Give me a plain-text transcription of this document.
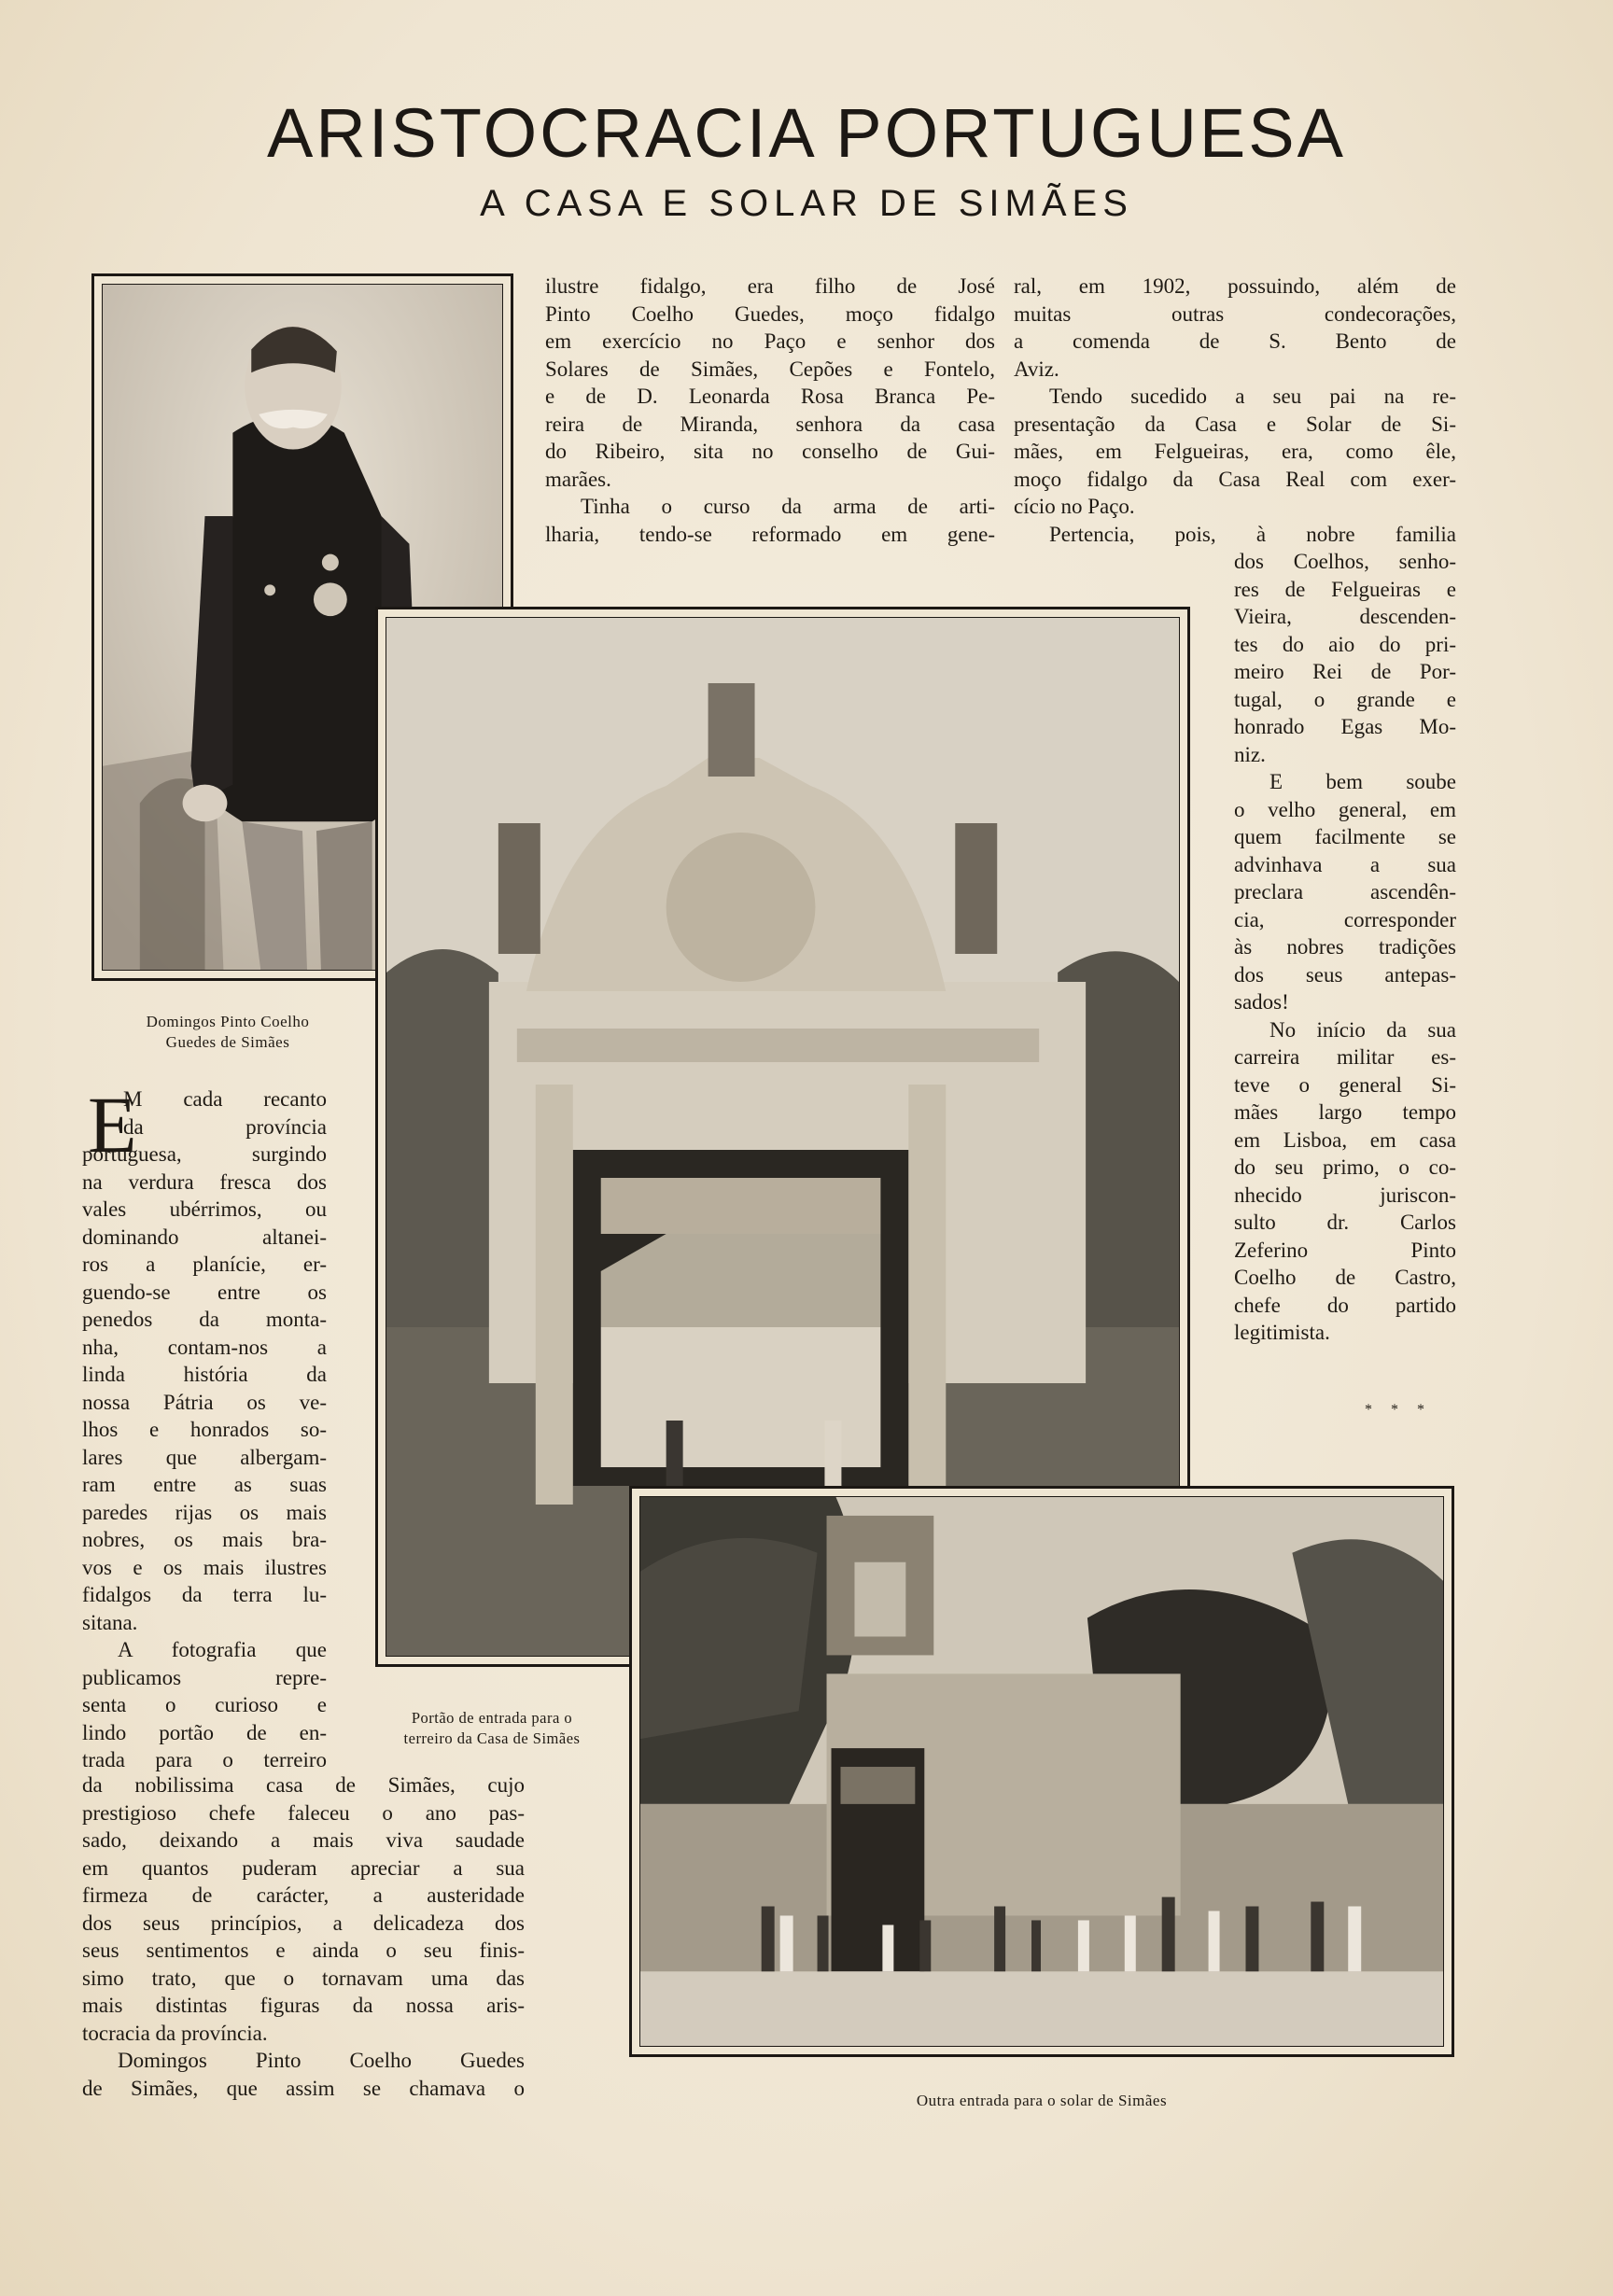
ARISTOCRACIA PORTUGUESA
A CASA E SOLAR DE SIMÃES
Domingos Pinto Coelho
Guedes de Simães
Portão de entrada para o
terreiro da Casa de Simães
Outra entrada para o solar de Simães
E
M cada recanto
da província
portuguesa, surgindo
na verdura fresca dos
vales ubérrimos, ou
dominando altanei-
ros a planície, er-
guendo-se entre os
penedos da monta-
nha, contam-nos a
linda história da
nossa Pátria os ve-
lhos e honrados so-
lares que albergam-
ram entre as suas
paredes rijas os mais
nobres, os mais bra-
vos e os mais ilustres
fidalgos da terra lu-
sitana.
A fotografia que
publicamos repre-
senta o curioso e
lindo portão de en-
trada para o terreiro
da nobilissima casa de Simães, cujo
prestigioso chefe faleceu o ano pas-
sado, deixando a mais viva saudade
em quantos puderam apreciar a sua
firmeza de carácter, a austeridade
dos seus princípios, a delicadeza dos
seus sentimentos e ainda o seu finis-
simo trato, que o tornavam uma das
mais distintas figuras da nossa aris-
tocracia da província.
Domingos Pinto Coelho Guedes
de Simães, que assim se chamava o
ilustre fidalgo, era filho de José
Pinto Coelho Guedes, moço fidalgo
em exercício no Paço e senhor dos
Solares de Simães, Cepões e Fontelo,
e de D. Leonarda Rosa Branca Pe-
reira de Miranda, senhora da casa
do Ribeiro, sita no conselho de Gui-
marães.
Tinha o curso da arma de arti-
lharia, tendo-se reformado em gene-
ral, em 1902, possuindo, além de
muitas outras condecorações,
a comenda de S. Bento de
Aviz.
Tendo sucedido a seu pai na re-
presentação da Casa e Solar de Si-
mães, em Felgueiras, era, como êle,
moço fidalgo da Casa Real com exer-
cício no Paço.
Pertencia, pois, à nobre familia
dos Coelhos, senho-
res de Felgueiras e
Vieira, descenden-
tes do aio do pri-
meiro Rei de Por-
tugal, o grande e
honrado Egas Mo-
niz.
E bem soube
o velho general, em
quem facilmente se
advinhava a sua
preclara ascendên-
cia, corresponder
às nobres tradições
dos seus antepas-
sados!
No início da sua
carreira militar es-
teve o general Si-
mães largo tempo
em Lisboa, em casa
do seu primo, o co-
nhecido juriscon-
sulto dr. Carlos
Zeferino Pinto
Coelho de Castro,
chefe do partido
legitimista.
* * *
